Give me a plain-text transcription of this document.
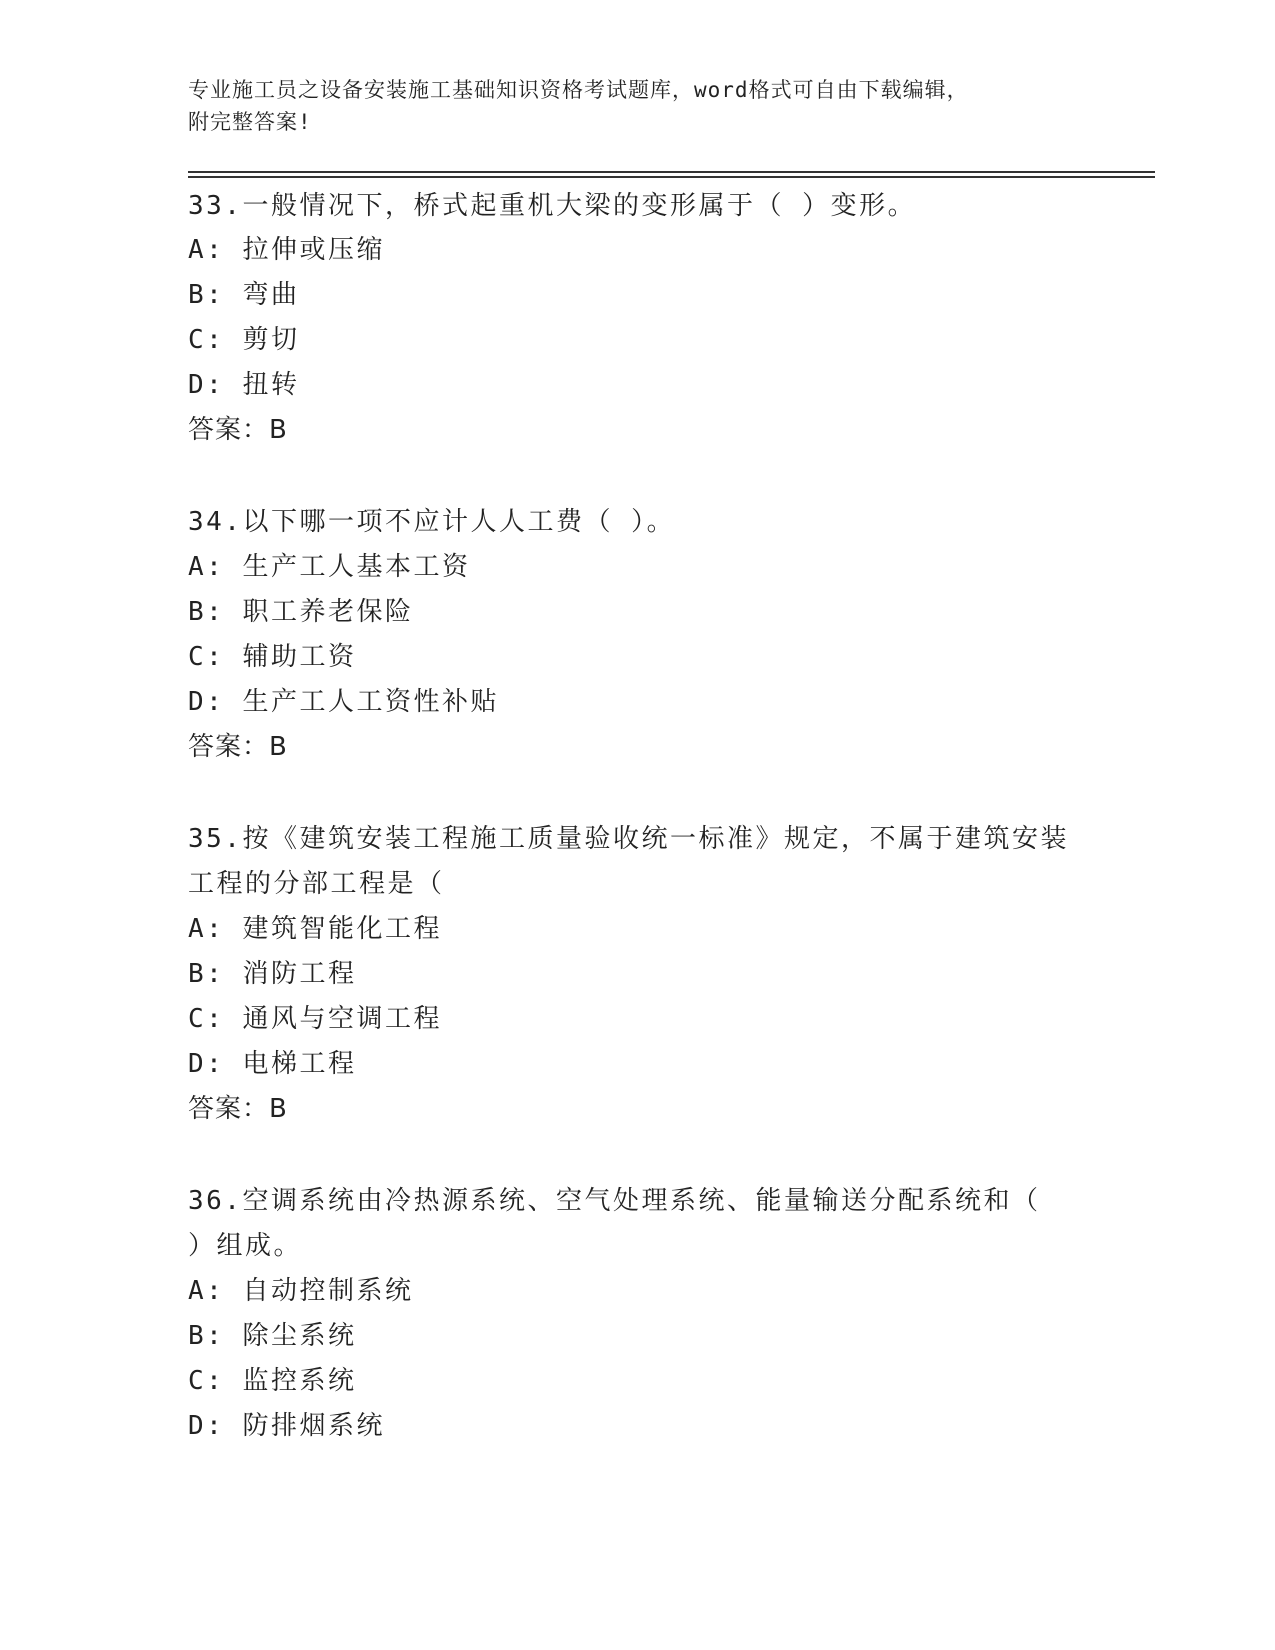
专业施工员之设备安装施工基础知识资格考试题库，word格式可自由下载编辑，
附完整答案!
33.一般情况下，桥式起重机大梁的变形属于（ ）变形。
A: 拉伸或压缩
B: 弯曲
C: 剪切
D: 扭转
答案：B
34.以下哪一项不应计人人工费（ ）。
A: 生产工人基本工资
B: 职工养老保险
C: 辅助工资
D: 生产工人工资性补贴
答案：B
35.按《建筑安装工程施工质量验收统一标准》规定，不属于建筑安装
工程的分部工程是（
A: 建筑智能化工程
B: 消防工程
C: 通风与空调工程
D: 电梯工程
答案：B
36.空调系统由冷热源系统、空气处理系统、能量输送分配系统和（
）组成。
A: 自动控制系统
B: 除尘系统
C: 监控系统
D: 防排烟系统
